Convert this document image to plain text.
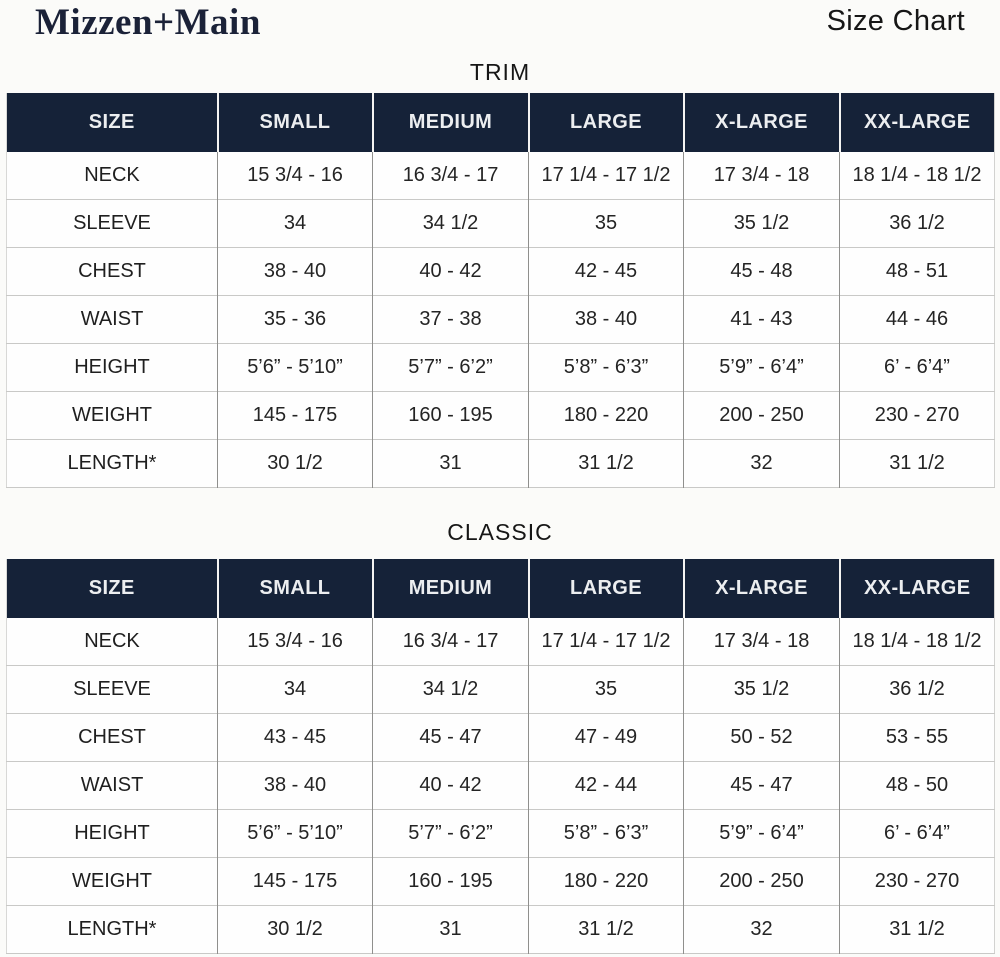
Mizzen+Main	Size Chart
TRIM
SIZE	SMALL	MEDIUM	LARGE	X-LARGE	XX-LARGE
NECK	15 3/4 - 16	16 3/4 - 17	17 1/4 - 17 1/2	17 3/4 - 18	18 1/4 - 18 1/2
SLEEVE	34	34 1/2	35	35 1/2	36 1/2
CHEST	38 - 40	40 - 42	42 - 45	45 - 48	48 - 51
WAIST	35 - 36	37 - 38	38 - 40	41 - 43	44 - 46
HEIGHT	5’6” - 5’10”	5’7” - 6’2”	5’8” - 6’3”	5’9” - 6’4”	6’ - 6’4”
WEIGHT	145 - 175	160 - 195	180 - 220	200 - 250	230 - 270
LENGTH*	30 1/2	31	31 1/2	32	31 1/2
CLASSIC
SIZE	SMALL	MEDIUM	LARGE	X-LARGE	XX-LARGE
NECK	15 3/4 - 16	16 3/4 - 17	17 1/4 - 17 1/2	17 3/4 - 18	18 1/4 - 18 1/2
SLEEVE	34	34 1/2	35	35 1/2	36 1/2
CHEST	43 - 45	45 - 47	47 - 49	50 - 52	53 - 55
WAIST	38 - 40	40 - 42	42 - 44	45 - 47	48 - 50
HEIGHT	5’6” - 5’10”	5’7” - 6’2”	5’8” - 6’3”	5’9” - 6’4”	6’ - 6’4”
WEIGHT	145 - 175	160 - 195	180 - 220	200 - 250	230 - 270
LENGTH*	30 1/2	31	31 1/2	32	31 1/2
